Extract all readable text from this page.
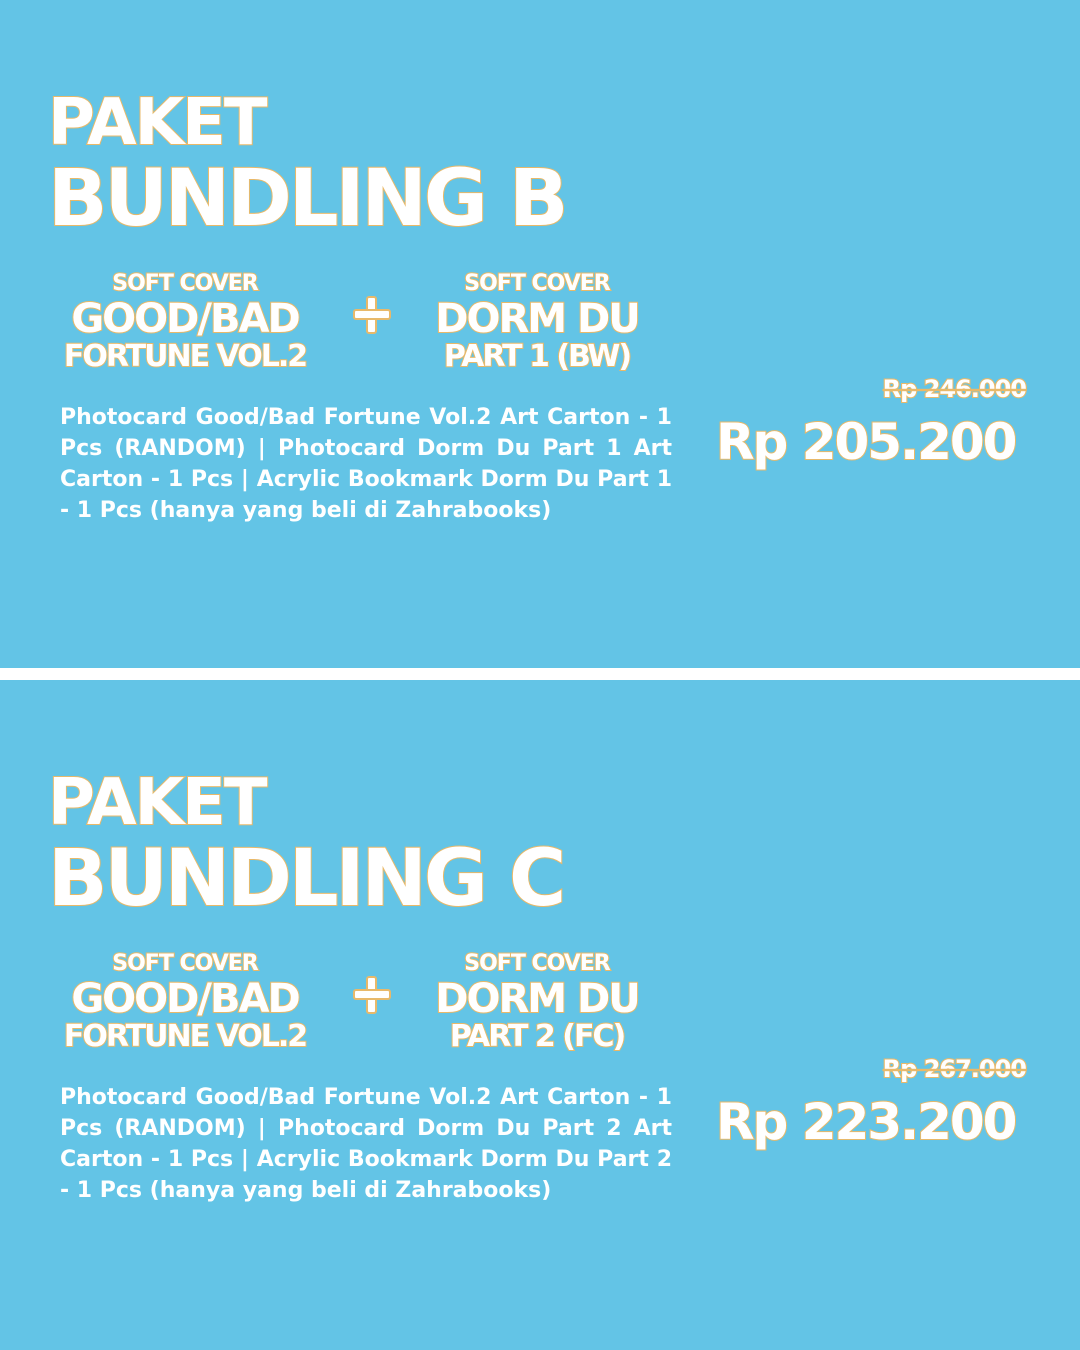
PAKET
BUNDLING B
SOFT COVER
GOOD/BAD
FORTUNE VOL.2
SOFT COVER
DORM DU
PART 1 (BW)
Photocard Good/Bad Fortune Vol.2 Art Carton - 1 Pcs (RANDOM) | Photocard Dorm Du Part 1 Art Carton - 1 Pcs | Acrylic Bookmark Dorm Du Part 1 - 1 Pcs (hanya yang beli di Zahrabooks)
Rp 246.000
Rp 205.200
PAKET
BUNDLING C
SOFT COVER
GOOD/BAD
FORTUNE VOL.2
SOFT COVER
DORM DU
PART 2 (FC)
Photocard Good/Bad Fortune Vol.2 Art Carton - 1 Pcs (RANDOM) | Photocard Dorm Du Part 2 Art Carton - 1 Pcs | Acrylic Bookmark Dorm Du Part 2 - 1 Pcs (hanya yang beli di Zahrabooks)
Rp 267.000
Rp 223.200
